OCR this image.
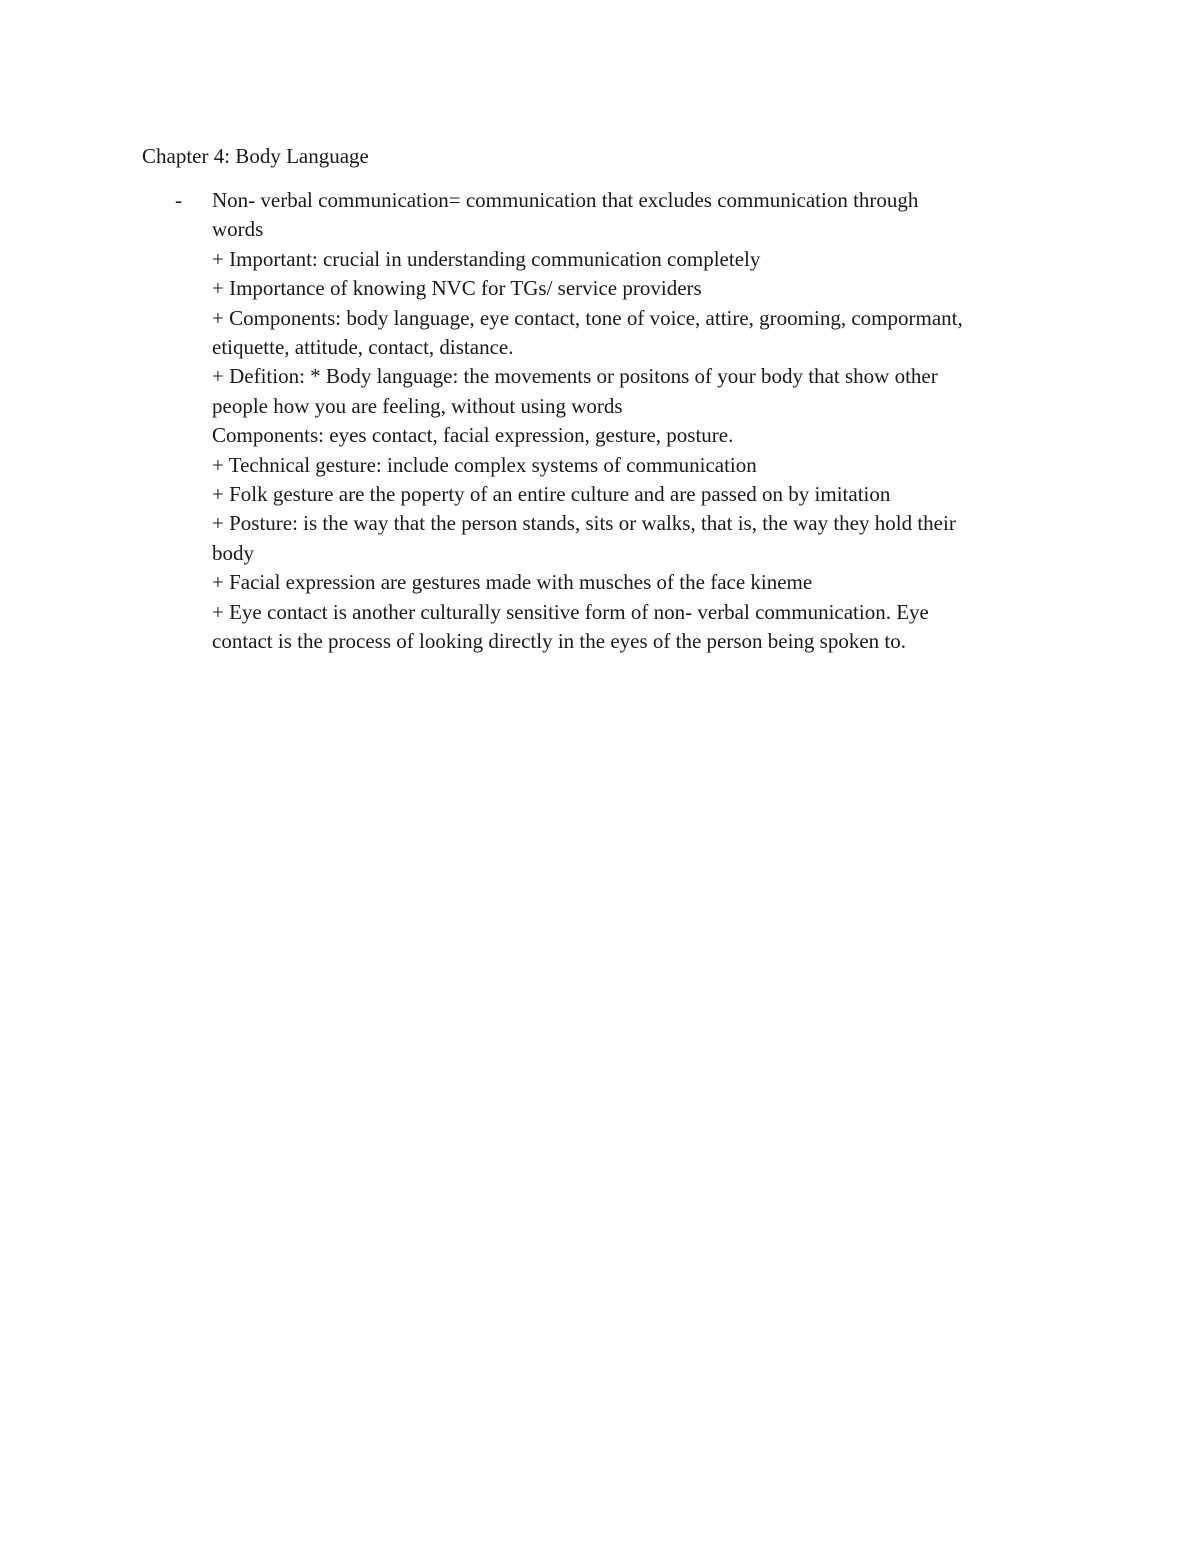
Chapter 4: Body Language
-	Non- verbal communication= communication that excludes communication through
words
+ Important: crucial in understanding communication completely
+ Importance of knowing NVC for TGs/ service providers
+ Components: body language, eye contact, tone of voice, attire, grooming, compormant,
etiquette, attitude, contact, distance.
+ Defition: * Body language: the movements or positons of your body that show other
people how you are feeling, without using words
Components: eyes contact, facial expression, gesture, posture.
+ Technical gesture: include complex systems of communication
+ Folk gesture are the poperty of an entire culture and are passed on by imitation
+ Posture: is the way that the person stands, sits or walks, that is, the way they hold their
body
+ Facial expression are gestures made with musches of the face kineme
+ Eye contact is another culturally sensitive form of non- verbal communication. Eye
contact is the process of looking directly in the eyes of the person being spoken to.
